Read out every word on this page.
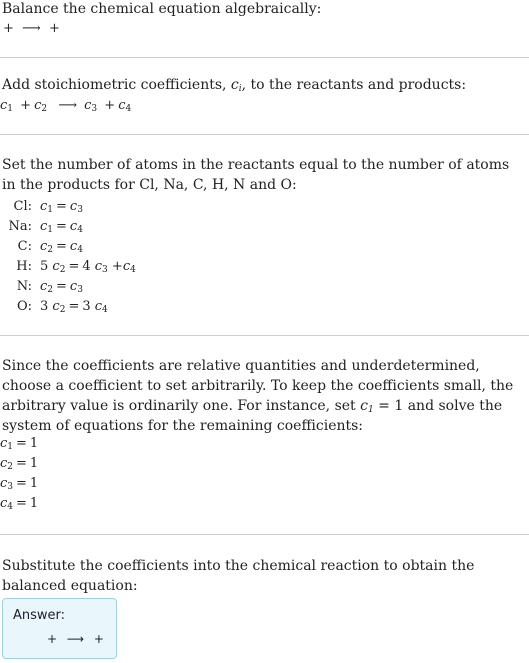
Balance the chemical equation algebraically:
+ ⟶ +
Add stoichiometric coefficients, $c_i$, to the reactants and products:
$c_1 + c_2$ ⟶ $c_3 + c_4$
Set the number of atoms in the reactants equal to the number of atoms in the products for Cl, Na, C, H, N and O:
Cl:	$c_1 = c_3$
Na:	$c_1 = c_4$
C:	$c_2 = c_4$
H:	5 $c_2 = 4$ $c_3 +c_4$
N:	$c_2 = c_3$
O:	3 $c_2 = 3$ $c_4$
Since the coefficients are relative quantities and underdetermined, choose a coefficient to set arbitrarily. To keep the coefficients small, the arbitrary value is ordinarily one. For instance, set $c_1 = 1$ and solve the system of equations for the remaining coefficients:
$c_1 = 1$
$c_2 = 1$
$c_3 = 1$
$c_4 = 1$
Substitute the coefficients into the chemical reaction to obtain the balanced equation:
Answer:
+ ⟶ +
